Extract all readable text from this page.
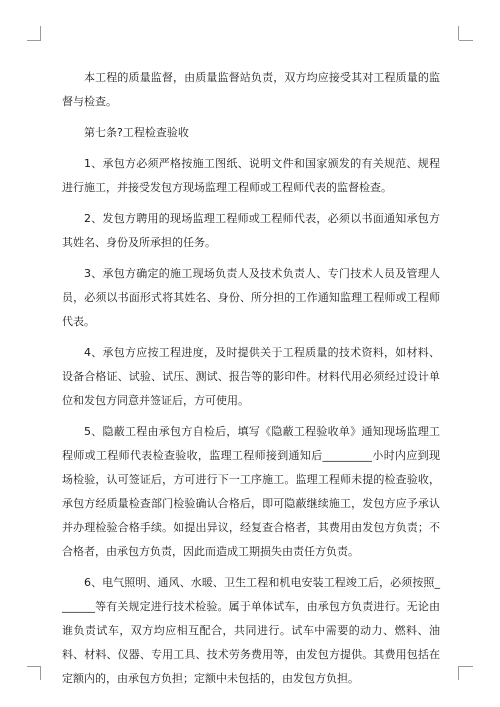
本工程的质量监督，由质量监督站负责，双方均应接受其对工程质量的监督与检查。

第七条?工程检查验收

1、承包方必须严格按施工图纸、说明文件和国家颁发的有关规范、规程进行施工，并接受发包方现场监理工程师或工程师代表的监督检查。

2、发包方聘用的现场监理工程师或工程师代表，必须以书面通知承包方其姓名、身份及所承担的任务。

3、承包方确定的施工现场负责人及技术负责人、专门技术人员及管理人员，必须以书面形式将其姓名、身份、所分担的工作通知监理工程师或工程师代表。

4、承包方应按工程进度，及时提供关于工程质量的技术资料，如材料、设备合格证、试验、试压、测试、报告等的影印件。材料代用必须经过设计单位和发包方同意并签证后，方可使用。

5、隐蔽工程由承包方自检后，填写《隐蔽工程验收单》通知现场监理工程师或工程师代表检查验收，监理工程师接到通知后_________小时内应到现场检验，认可签证后，方可进行下一工序施工。监理工程师未提的检查验收，承包方经质量检查部门检验确认合格后，即可隐蔽继续施工，发包方应予承认并办理检验合格手续。如提出异议，经复查合格者，其费用由发包方负责；不合格者，由承包方负责，因此而造成工期损失由责任方负责。

6、电气照明、通风、水暖、卫生工程和机电安装工程竣工后，必须按照_______等有关规定进行技术检验。属于单体试车，由承包方负责进行。无论由谁负责试车，双方均应相互配合，共同进行。试车中需要的动力、燃料、油料、材料、仪器、专用工具、技术劳务费用等，由发包方提供。其费用包括在定额内的，由承包方负担；定额中未包括的，由发包方负担。
